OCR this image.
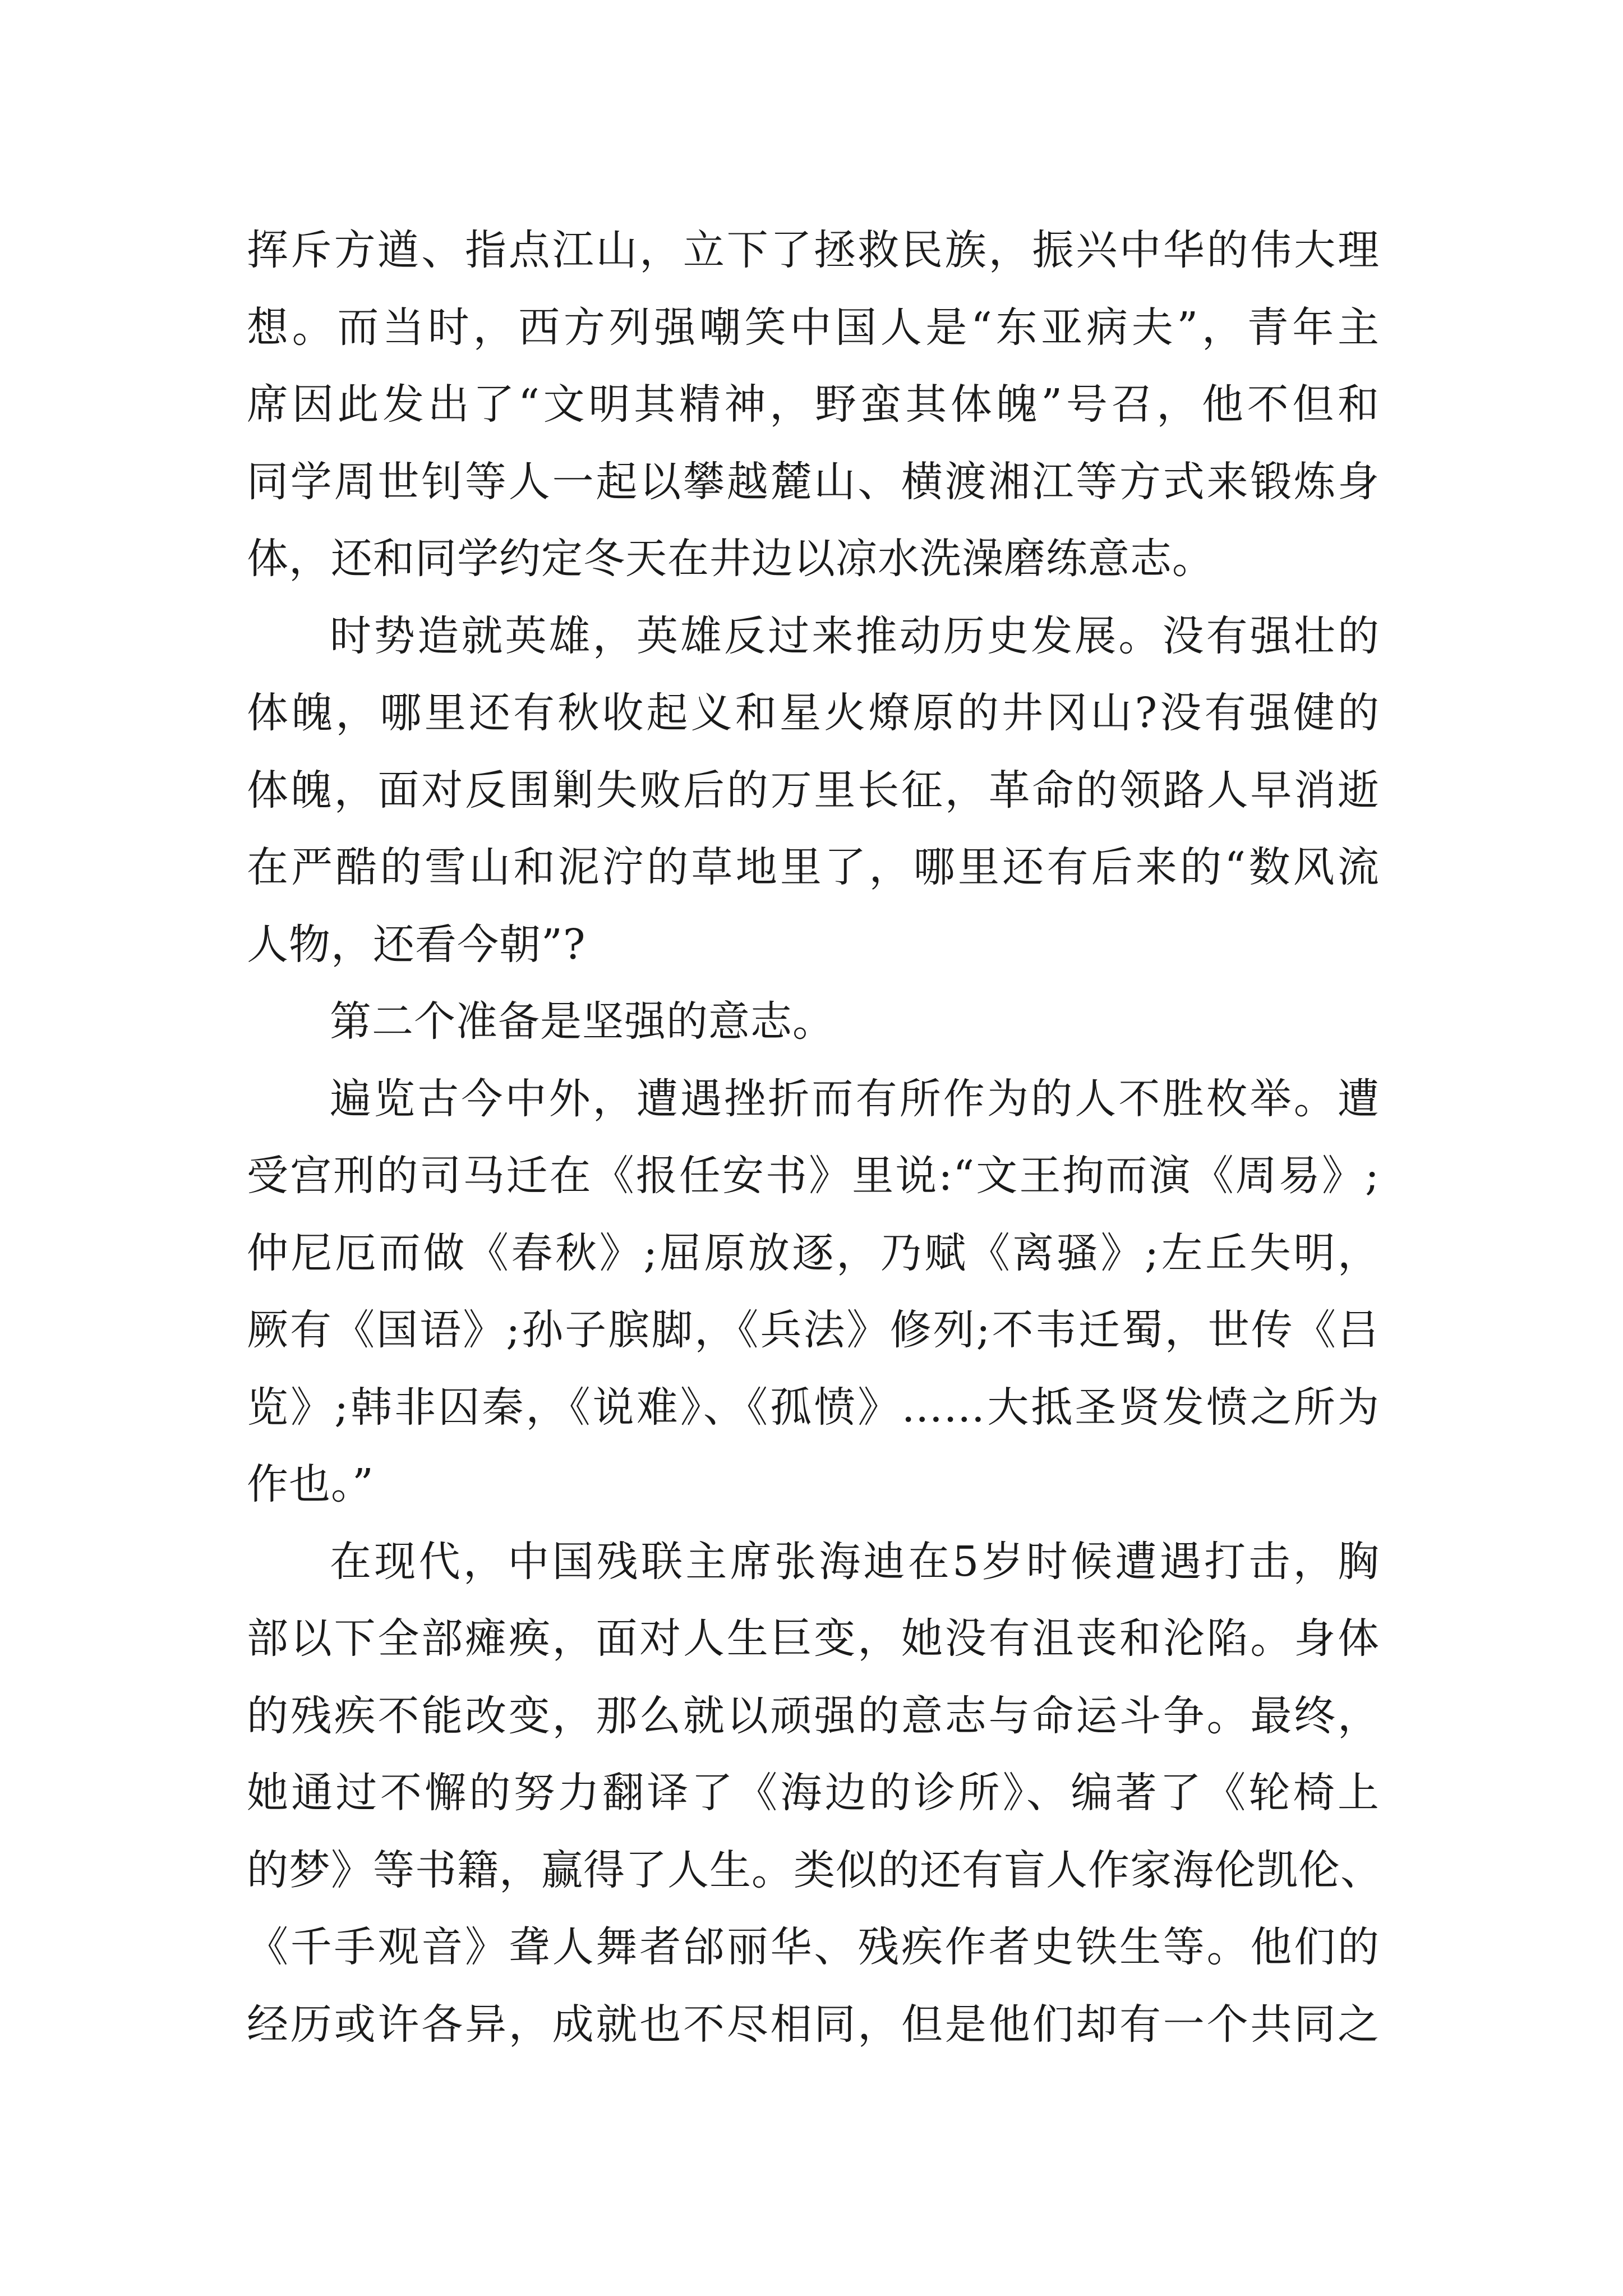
挥斥方遒、指点江山，立下了拯救民族，振兴中华的伟大理
想。而当时，西方列强嘲笑中国人是“东亚病夫”，青年主
席因此发出了“文明其精神，野蛮其体魄”号召，他不但和
同学周世钊等人一起以攀越麓山、横渡湘江等方式来锻炼身
体，还和同学约定冬天在井边以凉水洗澡磨练意志。
时势造就英雄，英雄反过来推动历史发展。没有强壮的
体魄，哪里还有秋收起义和星火燎原的井冈山?没有强健的
体魄，面对反围剿失败后的万里长征，革命的领路人早消逝
在严酷的雪山和泥泞的草地里了，哪里还有后来的“数风流
人物，还看今朝”?
第二个准备是坚强的意志。
遍览古今中外，遭遇挫折而有所作为的人不胜枚举。遭
受宫刑的司马迁在《报任安书》里说:“文王拘而演《周易》;
仲尼厄而做《春秋》;屈原放逐，乃赋《离骚》;左丘失明，
厥有《国语》;孙子膑脚，《兵法》修列;不韦迁蜀，世传《吕
览》;韩非囚秦，《说难》、《孤愤》……大抵圣贤发愤之所为
作也。”
在现代，中国残联主席张海迪在5岁时候遭遇打击，胸
部以下全部瘫痪，面对人生巨变，她没有沮丧和沦陷。身体
的残疾不能改变，那么就以顽强的意志与命运斗争。最终，
她通过不懈的努力翻译了《海边的诊所》、编著了《轮椅上
的梦》等书籍，赢得了人生。类似的还有盲人作家海伦凯伦、
《千手观音》聋人舞者邰丽华、残疾作者史铁生等。他们的
经历或许各异，成就也不尽相同，但是他们却有一个共同之
